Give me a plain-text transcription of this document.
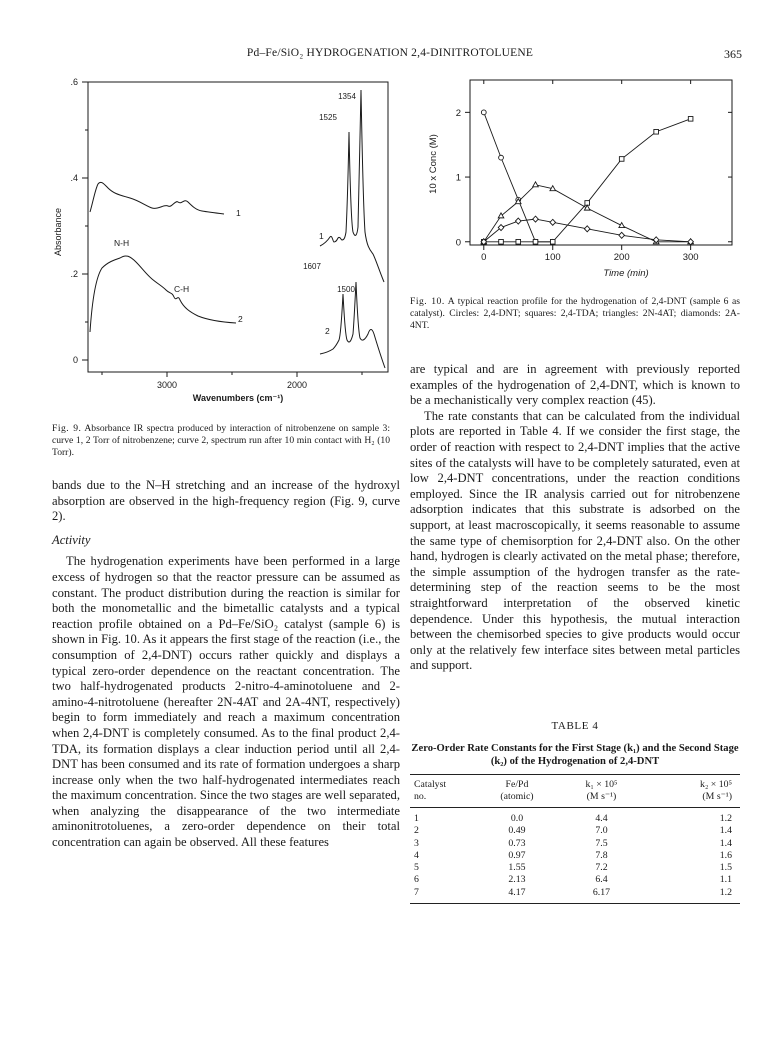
Pd–Fe/SiO₂ HYDROGENATION 2,4-DINITROTOLUENE	365
.6
.4
.2
0
Absorbance
3000	2000
Wavenumbers (cm⁻¹)
1354
1525
1607
1500
N-H
C-H
1
2
1
2
Fig. 9. Absorbance IR spectra produced by interaction of nitrobenzene on sample 3: curve 1, 2 Torr of nitrobenzene; curve 2, spectrum run after 10 min contact with H₂ (10 Torr).
0	100	200	300
0
1
2
10 x Conc (M)
Time (min)
Fig. 10. A typical reaction profile for the hydrogenation of 2,4-DNT (sample 6 as catalyst). Circles: 2,4-DNT; squares: 2,4-TDA; triangles: 2N-4AT; diamonds: 2A-4NT.

bands due to the N–H stretching and an increase of the hydroxyl absorption are observed in the high-frequency region (Fig. 9, curve 2).

Activity

The hydrogenation experiments have been performed in a large excess of hydrogen so that the reactor pressure can be assumed as constant. The product distribution during the reaction is similar for both the monometallic and the bimetallic catalysts and a typical reaction profile obtained on a Pd–Fe/SiO₂ catalyst (sample 6) is shown in Fig. 10. As it appears the first stage of the reaction (i.e., the consumption of 2,4-DNT) occurs rather quickly and displays a typical zero-order dependence on the reactant concentration. The two half-hydrogenated products 2-nitro-4-aminotoluene and 2-amino-4-nitrotoluene (hereafter 2N-4AT and 2A-4NT, respectively) begin to form immediately and reach a maximum concentration when 2,4-DNT is completely consumed. As to the final product 2,4-TDA, its formation displays a clear induction period until all 2,4-DNT has been consumed and its rate of formation undergoes a sharp increase only when the two half-hydrogenated intermediates reach the maximum concentration. Since the two stages are well separated, when analyzing the disappearance of the two intermediate aminonitrotoluenes, a zero-order dependence on their total concentration can again be observed. All these features

are typical and are in agreement with previously reported examples of the hydrogenation of 2,4-DNT, which is known to be a mechanistically very complex reaction (45).

The rate constants that can be calculated from the individual plots are reported in Table 4. If we consider the first stage, the order of reaction with respect to 2,4-DNT implies that the active sites of the catalysts will have to be completely saturated, even at low 2,4-DNT concentrations, under the reaction conditions employed. Since the IR analysis carried out for nitrobenzene adsorption indicates that this substrate is adsorbed on the support, at least macroscopically, it seems reasonable to assume the same type of chemisorption for 2,4-DNT also. On the other hand, hydrogen is clearly activated on the metal phase; therefore, the simple assumption of the hydrogen transfer as the rate-determining step of the reaction seems to be the most straightforward interpretation of the observed kinetic dependence. Under this hypothesis, the mutual interaction between the chemisorbed species to give products would occur only at the relatively few interface sites between metal particles and support.

TABLE 4
Zero-Order Rate Constants for the First Stage (k₁) and the Second Stage (k₂) of the Hydrogenation of 2,4-DNT
Catalyst	Fe/Pd	k₁ × 10⁵	k₂ × 10⁵
no.	(atomic)	(M s⁻¹)	(M s⁻¹)
1	0.0	4.4	1.2
2	0.49	7.0	1.4
3	0.73	7.5	1.4
4	0.97	7.8	1.6
5	1.55	7.2	1.5
6	2.13	6.4	1.1
7	4.17	6.17	1.2
